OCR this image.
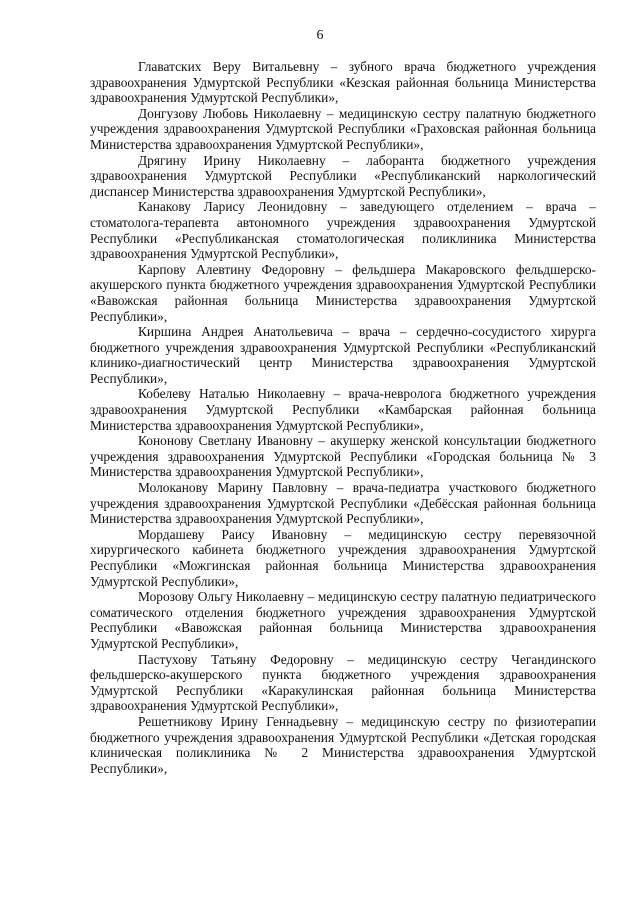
6

Главатских Веру Витальевну – зубного врача бюджетного учреждения здравоохранения Удмуртской Республики «Кезская районная больница Министерства здравоохранения Удмуртской Республики»,

Донгузову Любовь Николаевну – медицинскую сестру палатную бюджетного учреждения здравоохранения Удмуртской Республики «Граховская районная больница Министерства здравоохранения Удмуртской Республики»,

Дрягину Ирину Николаевну – лаборанта бюджетного учреждения здравоохранения Удмуртской Республики «Республиканский наркологический диспансер Министерства здравоохранения Удмуртской Республики»,

Канакову Ларису Леонидовну – заведующего отделением – врача – стоматолога-терапевта автономного учреждения здравоохранения Удмуртской Республики «Республиканская стоматологическая поликлиника Министерства здравоохранения Удмуртской Республики»,

Карпову Алевтину Федоровну – фельдшера Макаровского фельдшерско-акушерского пункта бюджетного учреждения здравоохранения Удмуртской Республики «Вавожская районная больница Министерства здравоохранения Удмуртской Республики»,

Киршина Андрея Анатольевича – врача – сердечно-сосудистого хирурга бюджетного учреждения здравоохранения Удмуртской Республики «Республиканский клинико-диагностический центр Министерства здравоохранения Удмуртской Республики»,

Кобелеву Наталью Николаевну – врача-невролога бюджетного учреждения здравоохранения Удмуртской Республики «Камбарская районная больница Министерства здравоохранения Удмуртской Республики»,

Кононову Светлану Ивановну – акушерку женской консультации бюджетного учреждения здравоохранения Удмуртской Республики «Городская больница № 3 Министерства здравоохранения Удмуртской Республики»,

Молоканову Марину Павловну – врача-педиатра участкового бюджетного учреждения здравоохранения Удмуртской Республики «Дебёсская районная больница Министерства здравоохранения Удмуртской Республики»,

Мордашеву Раису Ивановну – медицинскую сестру перевязочной хирургического кабинета бюджетного учреждения здравоохранения Удмуртской Республики «Можгинская районная больница Министерства здравоохранения Удмуртской Республики»,

Морозову Ольгу Николаевну – медицинскую сестру палатную педиатрического соматического отделения бюджетного учреждения здравоохранения Удмуртской Республики «Вавожская районная больница Министерства здравоохранения Удмуртской Республики»,

Пастухову Татьяну Федоровну – медицинскую сестру Чегандинского фельдшерско-акушерского пункта бюджетного учреждения здравоохранения Удмуртской Республики «Каракулинская районная больница Министерства здравоохранения Удмуртской Республики»,

Решетникову Ирину Геннадьевну – медицинскую сестру по физиотерапии бюджетного учреждения здравоохранения Удмуртской Республики «Детская городская клиническая поликлиника № 2 Министерства здравоохранения Удмуртской Республики»,
